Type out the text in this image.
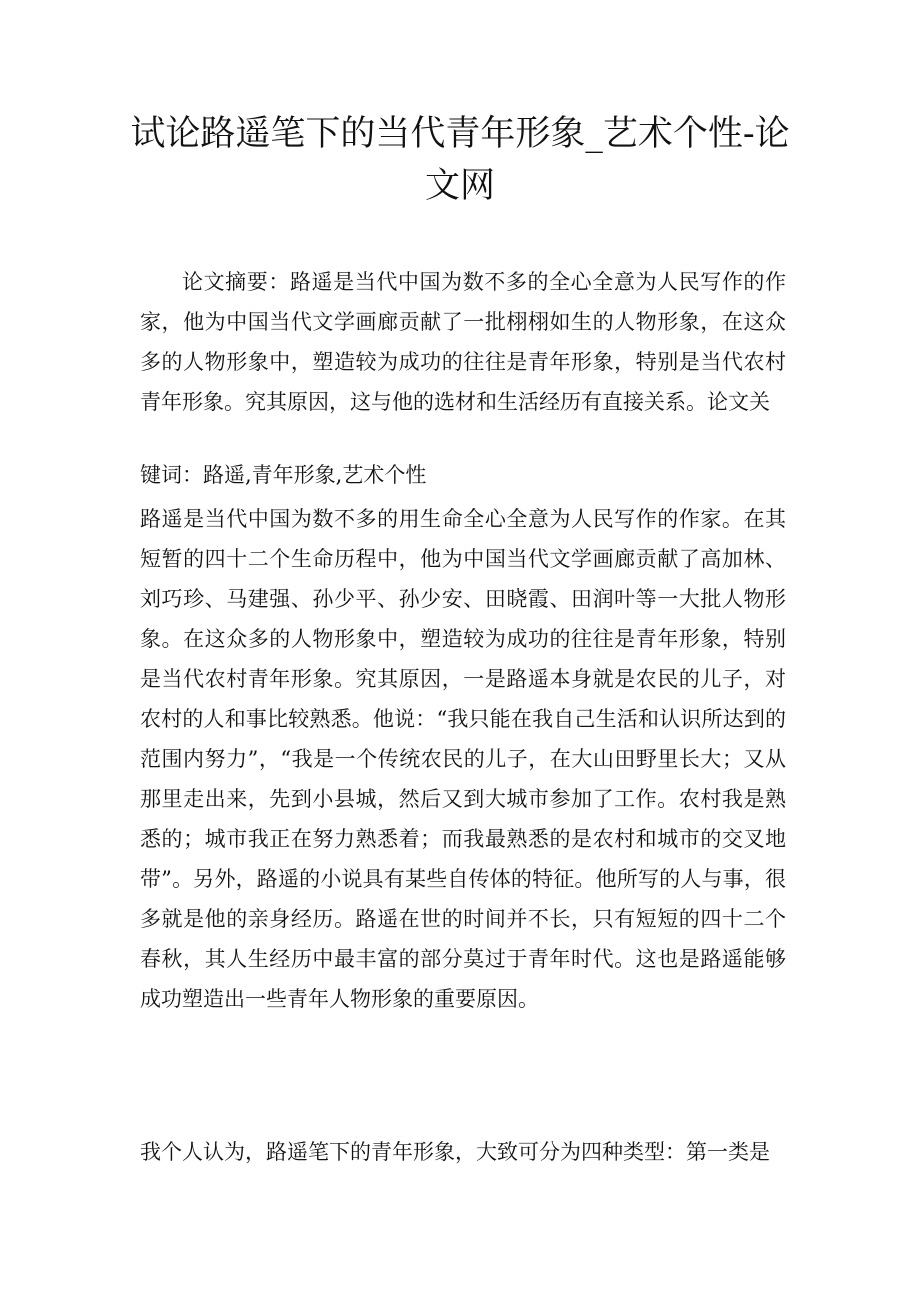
试论路遥笔下的当代青年形象_艺术个性-论文网

论文摘要：路遥是当代中国为数不多的全心全意为人民写作的作家，他为中国当代文学画廊贡献了一批栩栩如生的人物形象，在这众多的人物形象中，塑造较为成功的往往是青年形象，特别是当代农村青年形象。究其原因，这与他的选材和生活经历有直接关系。论文关

键词：路遥,青年形象,艺术个性

路遥是当代中国为数不多的用生命全心全意为人民写作的作家。在其短暂的四十二个生命历程中，他为中国当代文学画廊贡献了高加林、刘巧珍、马建强、孙少平、孙少安、田晓霞、田润叶等一大批人物形象。在这众多的人物形象中，塑造较为成功的往往是青年形象，特别是当代农村青年形象。究其原因，一是路遥本身就是农民的儿子，对农村的人和事比较熟悉。他说：“我只能在我自己生活和认识所达到的范围内努力”，“我是一个传统农民的儿子，在大山田野里长大；又从那里走出来，先到小县城，然后又到大城市参加了工作。农村我是熟悉的；城市我正在努力熟悉着；而我最熟悉的是农村和城市的交叉地带”。另外，路遥的小说具有某些自传体的特征。他所写的人与事，很多就是他的亲身经历。路遥在世的时间并不长，只有短短的四十二个春秋，其人生经历中最丰富的部分莫过于青年时代。这也是路遥能够成功塑造出一些青年人物形象的重要原因。

我个人认为，路遥笔下的青年形象，大致可分为四种类型：第一类是
